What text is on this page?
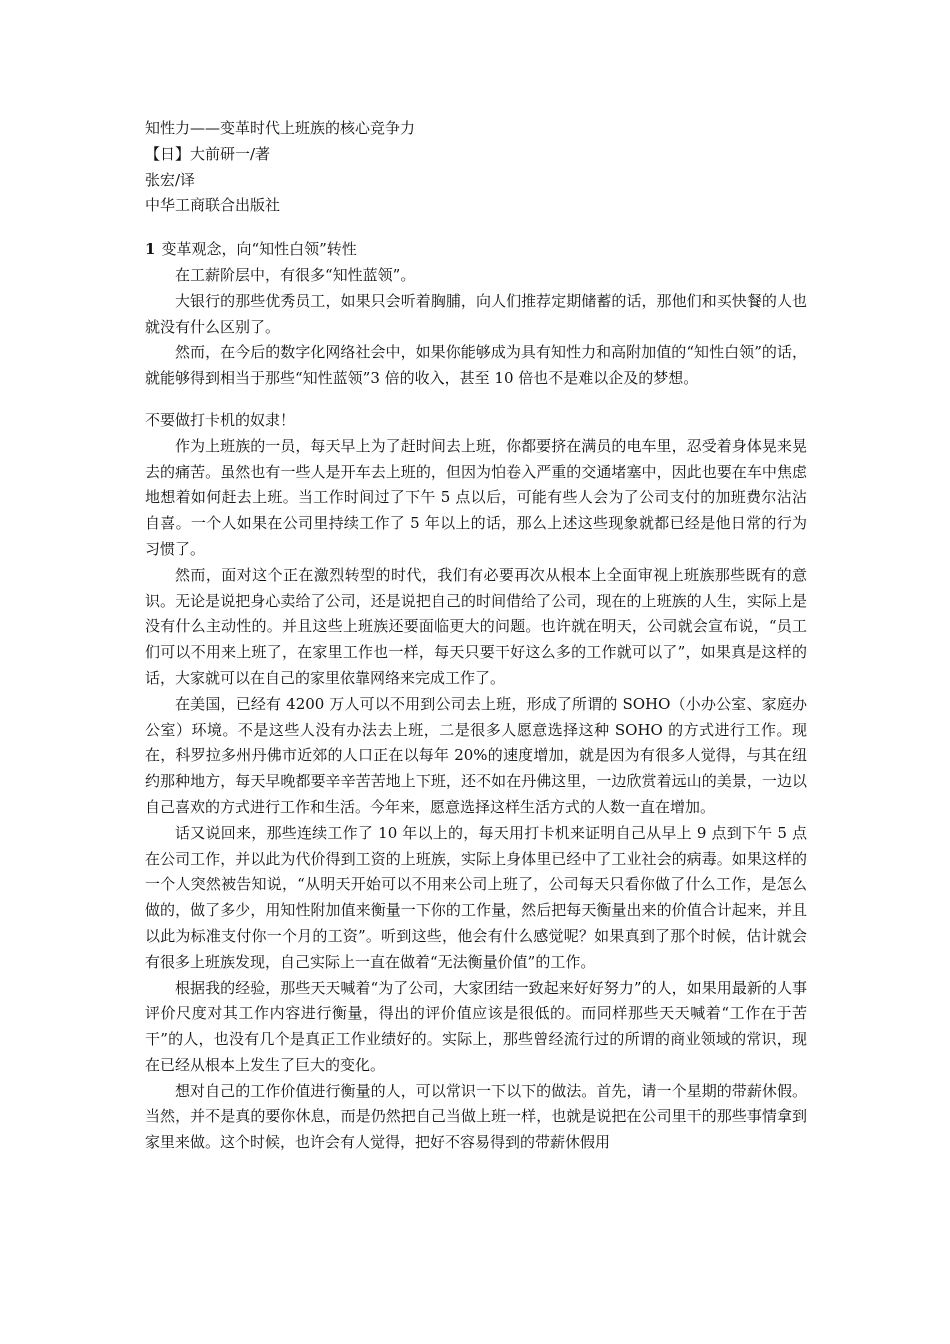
知性力——变革时代上班族的核心竞争力
【日】大前研一/著
张宏/译
中华工商联合出版社
1 变革观念，向“知性白领”转性

在工薪阶层中，有很多“知性蓝领”。

大银行的那些优秀员工，如果只会听着胸脯，向人们推荐定期储蓄的话，那他们和买快餐的人也就没有什么区别了。

然而，在今后的数字化网络社会中，如果你能够成为具有知性力和高附加值的“知性白领”的话，就能够得到相当于那些“知性蓝领”3 倍的收入，甚至 10 倍也不是难以企及的梦想。

不要做打卡机的奴隶！

作为上班族的一员，每天早上为了赶时间去上班，你都要挤在满员的电车里，忍受着身体晃来晃去的痛苦。虽然也有一些人是开车去上班的，但因为怕卷入严重的交通堵塞中，因此也要在车中焦虑地想着如何赶去上班。当工作时间过了下午 5 点以后，可能有些人会为了公司支付的加班费尔沾沾自喜。一个人如果在公司里持续工作了 5 年以上的话，那么上述这些现象就都已经是他日常的行为习惯了。

然而，面对这个正在激烈转型的时代，我们有必要再次从根本上全面审视上班族那些既有的意识。无论是说把身心卖给了公司，还是说把自己的时间借给了公司，现在的上班族的人生，实际上是没有什么主动性的。并且这些上班族还要面临更大的问题。也许就在明天，公司就会宣布说，“员工们可以不用来上班了，在家里工作也一样，每天只要干好这么多的工作就可以了”，如果真是这样的话，大家就可以在自己的家里依靠网络来完成工作了。

在美国，已经有 4200 万人可以不用到公司去上班，形成了所谓的 SOHO（小办公室、家庭办公室）环境。不是这些人没有办法去上班，二是很多人愿意选择这种 SOHO 的方式进行工作。现在，科罗拉多州丹佛市近郊的人口正在以每年 20%的速度增加，就是因为有很多人觉得，与其在纽约那种地方，每天早晚都要辛辛苦苦地上下班，还不如在丹佛这里，一边欣赏着远山的美景，一边以自己喜欢的方式进行工作和生活。今年来，愿意选择这样生活方式的人数一直在增加。

话又说回来，那些连续工作了 10 年以上的，每天用打卡机来证明自己从早上 9 点到下午 5 点在公司工作，并以此为代价得到工资的上班族，实际上身体里已经中了工业社会的病毒。如果这样的一个人突然被告知说，“从明天开始可以不用来公司上班了，公司每天只看你做了什么工作，是怎么做的，做了多少，用知性附加值来衡量一下你的工作量，然后把每天衡量出来的价值合计起来，并且以此为标准支付你一个月的工资”。听到这些，他会有什么感觉呢？如果真到了那个时候，估计就会有很多上班族发现，自己实际上一直在做着“无法衡量价值”的工作。

根据我的经验，那些天天喊着“为了公司，大家团结一致起来好好努力”的人，如果用最新的人事评价尺度对其工作内容进行衡量，得出的评价值应该是很低的。而同样那些天天喊着“工作在于苦干”的人，也没有几个是真正工作业绩好的。实际上，那些曾经流行过的所谓的商业领域的常识，现在已经从根本上发生了巨大的变化。

想对自己的工作价值进行衡量的人，可以常识一下以下的做法。首先，请一个星期的带薪休假。当然，并不是真的要你休息，而是仍然把自己当做上班一样，也就是说把在公司里干的那些事情拿到家里来做。这个时候，也许会有人觉得，把好不容易得到的带薪休假用
